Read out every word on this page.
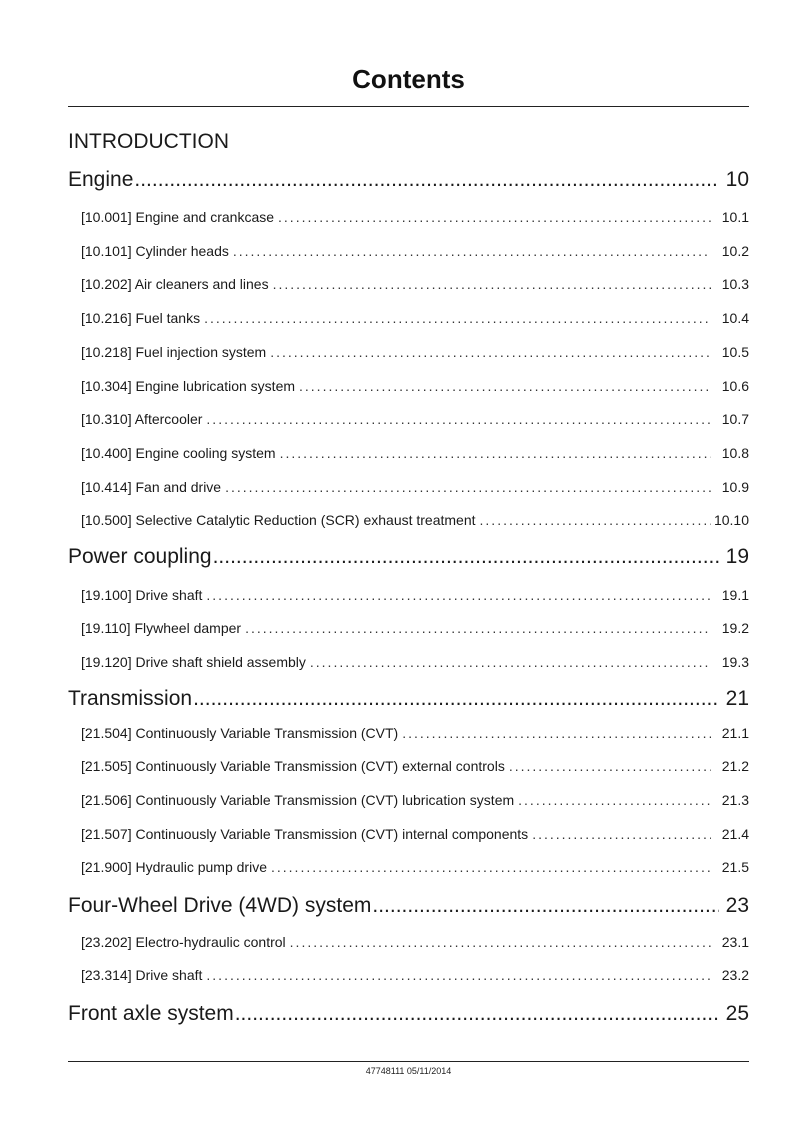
Contents
INTRODUCTION
Engine .....	10
[10.001] Engine and crankcase .....	10.1
[10.101] Cylinder heads .....	10.2
[10.202] Air cleaners and lines .....	10.3
[10.216] Fuel tanks .....	10.4
[10.218] Fuel injection system .....	10.5
[10.304] Engine lubrication system .....	10.6
[10.310] Aftercooler .....	10.7
[10.400] Engine cooling system .....	10.8
[10.414] Fan and drive .....	10.9
[10.500] Selective Catalytic Reduction (SCR) exhaust treatment .....	10.10
Power coupling .....	19
[19.100] Drive shaft .....	19.1
[19.110] Flywheel damper .....	19.2
[19.120] Drive shaft shield assembly .....	19.3
Transmission .....	21
[21.504] Continuously Variable Transmission (CVT) .....	21.1
[21.505] Continuously Variable Transmission (CVT) external controls .....	21.2
[21.506] Continuously Variable Transmission (CVT) lubrication system .....	21.3
[21.507] Continuously Variable Transmission (CVT) internal components .....	21.4
[21.900] Hydraulic pump drive .....	21.5
Four-Wheel Drive (4WD) system .....	23
[23.202] Electro-hydraulic control .....	23.1
[23.314] Drive shaft .....	23.2
Front axle system .....	25
47748111 05/11/2014
